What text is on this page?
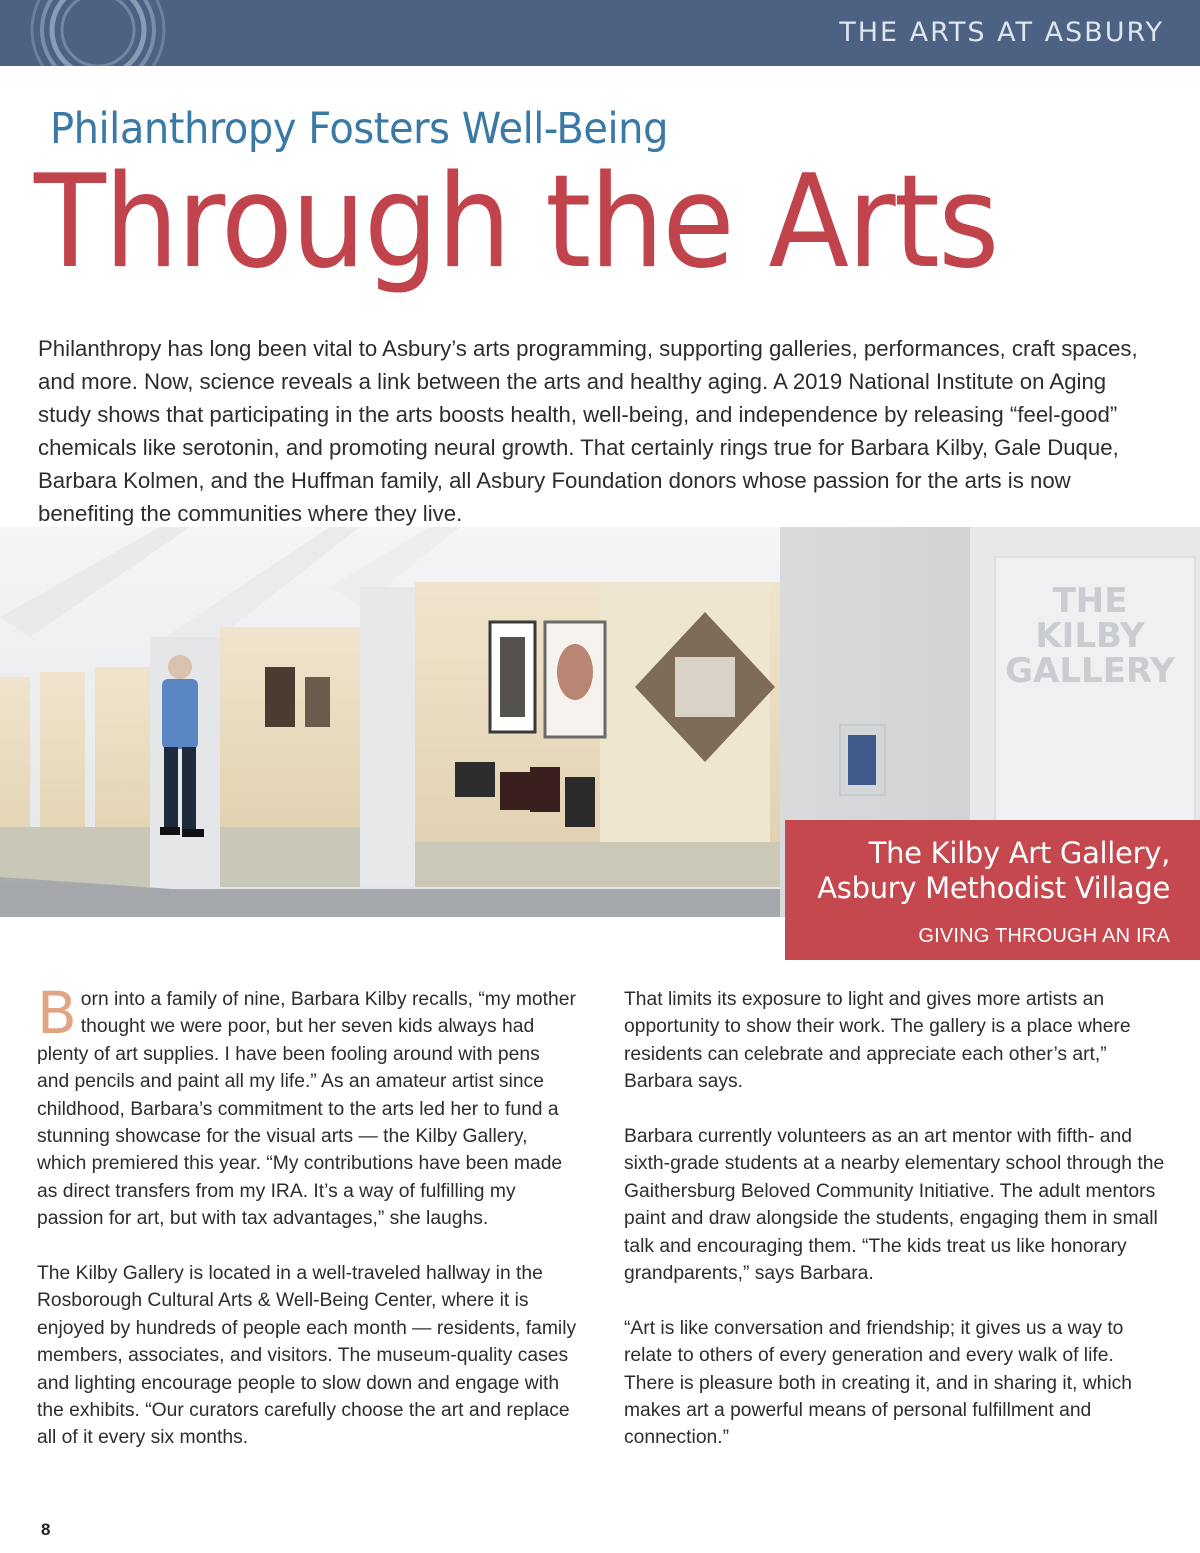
THE ARTS AT ASBURY
Philanthropy Fosters Well-Being
Through the Arts
Philanthropy has long been vital to Asbury’s arts programming, supporting galleries, performances, craft spaces, and more. Now, science reveals a link between the arts and healthy aging. A 2019 National Institute on Aging study shows that participating in the arts boosts health, well-being, and independence by releasing “feel-good” chemicals like serotonin, and promoting neural growth. That certainly rings true for Barbara Kilby, Gale Duque, Barbara Kolmen, and the Huffman family, all Asbury Foundation donors whose passion for the arts is now benefiting the communities where they live.
THE
KILBY
GALLERY
The Kilby Art Gallery,
Asbury Methodist Village
GIVING THROUGH AN IRA

Born into a family of nine, Barbara Kilby recalls, “my mother thought we were poor, but her seven kids always had plenty of art supplies. I have been fooling around with pens and pencils and paint all my life.” As an amateur artist since childhood, Barbara’s commitment to the arts led her to fund a stunning showcase for the visual arts — the Kilby Gallery, which premiered this year. “My contributions have been made as direct transfers from my IRA. It’s a way of fulfilling my passion for art, but with tax advantages,” she laughs.

The Kilby Gallery is located in a well-traveled hallway in the Rosborough Cultural Arts & Well-Being Center, where it is enjoyed by hundreds of people each month — residents, family members, associates, and visitors. The museum-quality cases and lighting encourage people to slow down and engage with the exhibits. “Our curators carefully choose the art and replace all of it every six months.

That limits its exposure to light and gives more artists an opportunity to show their work. The gallery is a place where residents can celebrate and appreciate each other’s art,” Barbara says.

Barbara currently volunteers as an art mentor with fifth- and sixth-grade students at a nearby elementary school through the Gaithersburg Beloved Community Initiative. The adult mentors paint and draw alongside the students, engaging them in small talk and encouraging them. “The kids treat us like honorary grandparents,” says Barbara.

“Art is like conversation and friendship; it gives us a way to relate to others of every generation and every walk of life. There is pleasure both in creating it, and in sharing it, which makes art a powerful means of personal fulfillment and connection.”

8
